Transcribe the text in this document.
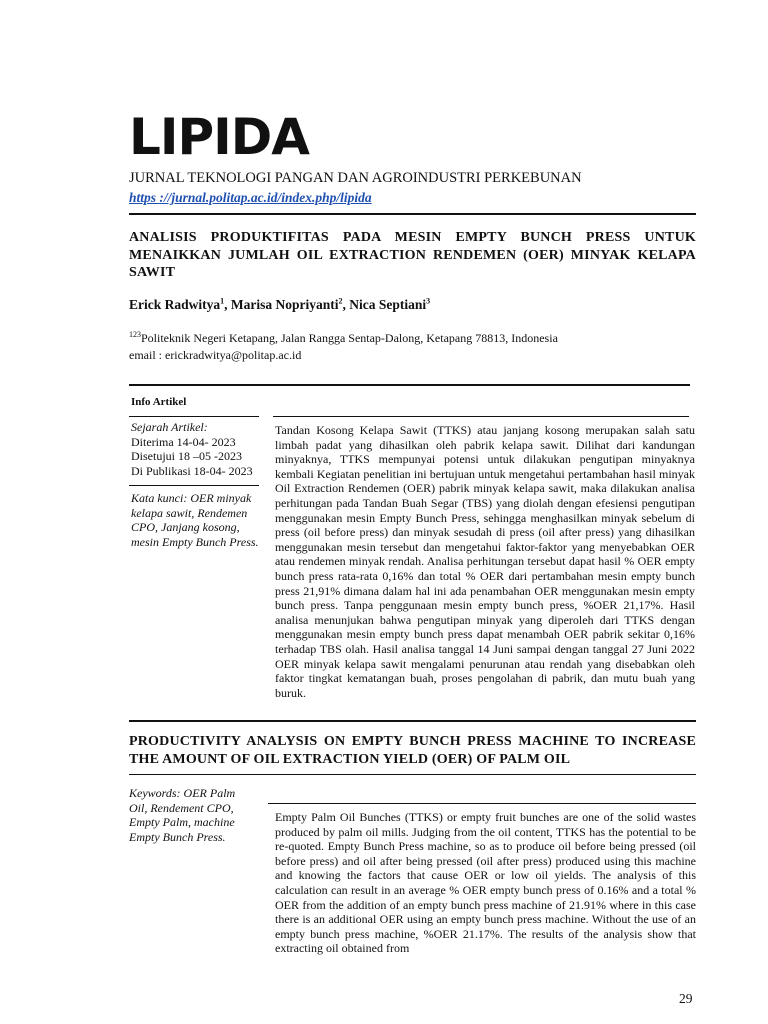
LIPIDA
JURNAL TEKNOLOGI PANGAN DAN AGROINDUSTRI PERKEBUNAN
https ://jurnal.politap.ac.id/index.php/lipida
ANALISIS PRODUKTIFITAS PADA MESIN EMPTY BUNCH PRESS UNTUK MENAIKKAN JUMLAH OIL EXTRACTION RENDEMEN (OER) MINYAK KELAPA SAWIT
Erick Radwitya$^1$, Marisa Nopriyanti$^2$, Nica Septiani$^3$
$^{123}$Politeknik Negeri Ketapang, Jalan Rangga Sentap-Dalong, Ketapang 78813, Indonesia
email : erickradwitya@politap.ac.id
Info Artikel
Sejarah Artikel:
Diterima 14-04- 2023
Disetujui 18 –05 -2023
Di Publikasi 18-04- 2023
Kata kunci: OER minyak kelapa sawit, Rendemen CPO, Janjang kosong, mesin Empty Bunch Press.
Tandan Kosong Kelapa Sawit (TTKS) atau janjang kosong merupakan salah satu limbah padat yang dihasilkan oleh pabrik kelapa sawit. Dilihat dari kandungan minyaknya, TTKS mempunyai potensi untuk dilakukan pengutipan minyaknya kembali Kegiatan penelitian ini bertujuan untuk mengetahui pertambahan hasil minyak Oil Extraction Rendemen (OER) pabrik minyak kelapa sawit, maka dilakukan analisa perhitungan pada Tandan Buah Segar (TBS) yang diolah dengan efesiensi pengutipan menggunakan mesin Empty Bunch Press, sehingga menghasilkan minyak sebelum di press (oil before press) dan minyak sesudah di press (oil after press) yang dihasilkan menggunakan mesin tersebut dan mengetahui faktor-faktor yang menyebabkan OER atau rendemen minyak rendah. Analisa perhitungan tersebut dapat hasil % OER empty bunch press rata-rata 0,16% dan total % OER dari pertambahan mesin empty bunch press 21,91% dimana dalam hal ini ada penambahan OER menggunakan mesin empty bunch press. Tanpa penggunaan mesin empty bunch press, %OER 21,17%. Hasil analisa menunjukan bahwa pengutipan minyak yang diperoleh dari TTKS dengan menggunakan mesin empty bunch press dapat menambah OER pabrik sekitar 0,16% terhadap TBS olah. Hasil analisa tanggal 14 Juni sampai dengan tanggal 27 Juni 2022 OER minyak kelapa sawit mengalami penurunan atau rendah yang disebabkan oleh faktor tingkat kematangan buah, proses pengolahan di pabrik, dan mutu buah yang buruk.
PRODUCTIVITY ANALYSIS ON EMPTY BUNCH PRESS MACHINE TO INCREASE THE AMOUNT OF OIL EXTRACTION YIELD (OER) OF PALM OIL
Keywords: OER Palm Oil, Rendement CPO, Empty Palm, machine Empty Bunch Press.
Empty Palm Oil Bunches (TTKS) or empty fruit bunches are one of the solid wastes produced by palm oil mills. Judging from the oil content, TTKS has the potential to be re-quoted. Empty Bunch Press machine, so as to produce oil before being pressed (oil before press) and oil after being pressed (oil after press) produced using this machine and knowing the factors that cause OER or low oil yields. The analysis of this calculation can result in an average % OER empty bunch press of 0.16% and a total % OER from the addition of an empty bunch press machine of 21.91% where in this case there is an additional OER using an empty bunch press machine. Without the use of an empty bunch press machine, %OER 21.17%. The results of the analysis show that extracting oil obtained from
29
